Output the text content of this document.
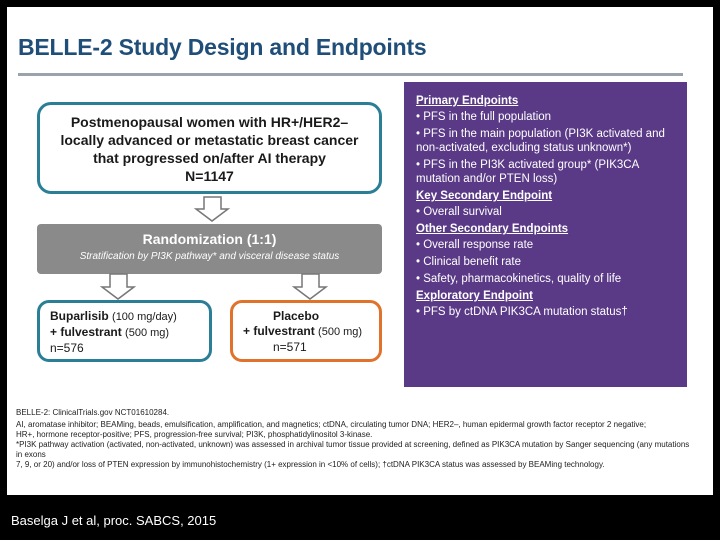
BELLE-2 Study Design and Endpoints
Postmenopausal women with HR+/HER2–
locally advanced or metastatic breast cancer
that progressed on/after AI therapy
N=1147
Randomization (1:1)
Stratification by PI3K pathway* and visceral disease status
Buparlisib (100 mg/day)
+ fulvestrant (500 mg)
n=576
Placebo
+ fulvestrant (500 mg)
n=571
Primary Endpoints
• PFS in the full population
• PFS in the main population (PI3K activated and non-activated, excluding status unknown*)
• PFS in the PI3K activated group* (PIK3CA mutation and/or PTEN loss)
Key Secondary Endpoint
• Overall survival
Other Secondary Endpoints
• Overall response rate
• Clinical benefit rate
• Safety, pharmacokinetics, quality of life
Exploratory Endpoint
• PFS by ctDNA PIK3CA mutation status†
BELLE-2: ClinicalTrials.gov NCT01610284.
AI, aromatase inhibitor; BEAMing, beads, emulsification, amplification, and magnetics; ctDNA, circulating tumor DNA; HER2–, human epidermal growth factor receptor 2 negative;
HR+, hormone receptor-positive; PFS, progression-free survival; PI3K, phosphatidylinositol 3-kinase.
*PI3K pathway activation (activated, non-activated, unknown) was assessed in archival tumor tissue provided at screening, defined as PIK3CA mutation by Sanger sequencing (any mutations in exons
7, 9, or 20) and/or loss of PTEN expression by immunohistochemistry (1+ expression in <10% of cells); †ctDNA PIK3CA status was assessed by BEAMing technology.
Baselga J et al, proc. SABCS, 2015
